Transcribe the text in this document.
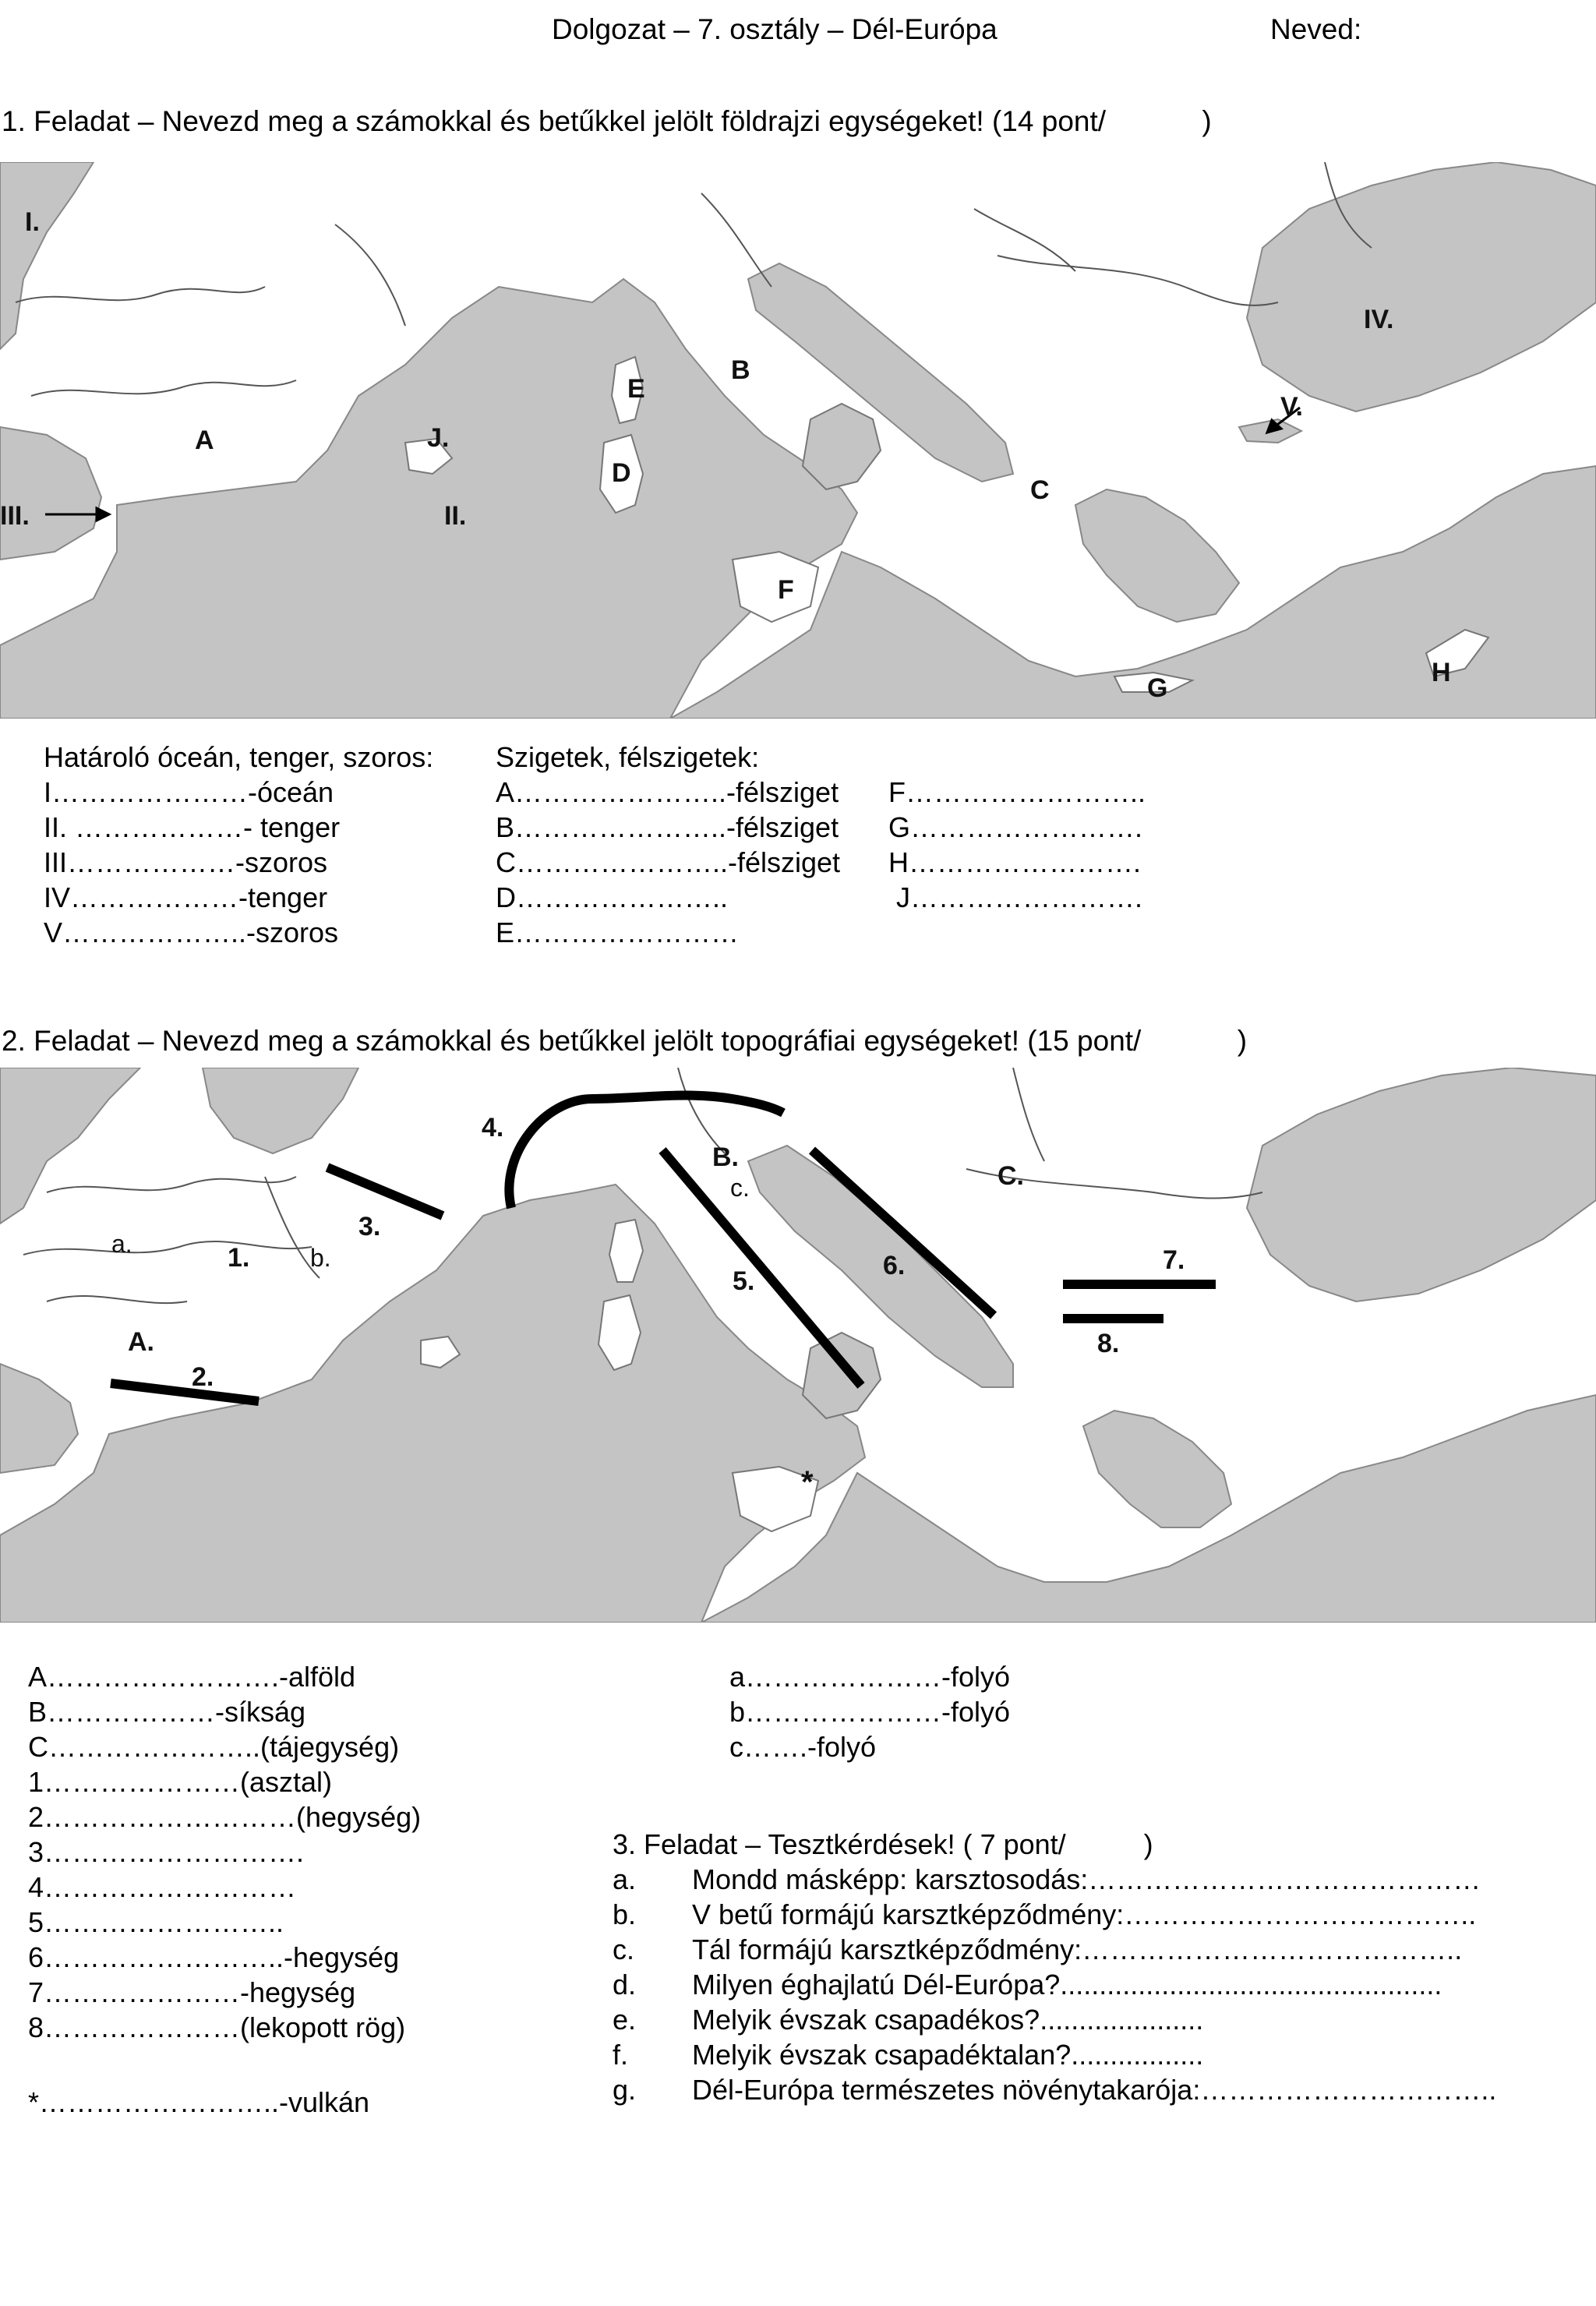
Dolgozat – 7. osztály – Dél-Európa	Neved:
1. Feladat – Nevezd meg a számokkal és betűkkel jelölt földrajzi egységeket! (14 pont/            )
I.
II.
III.
IV.
V.
A
B
C
D
E
F
G
H
J.
Határoló óceán, tenger, szoros:
I…………………-óceán
II. ………………- tenger
III………………-szoros
IV………………-tenger
V………………..-szoros
Szigetek, félszigetek:
A…………………..-félsziget
B…………………..-félsziget
C…………………..-félsziget
D…………………..
E……………………
F……………………..
G…………………….
H…………………….
J…………………….
2. Feladat – Nevezd meg a számokkal és betűkkel jelölt topográfiai egységeket! (15 pont/            )
1.
2.
3.
4.
5.
6.	7.
8.
A.
B.
C.
a.	b.
c.
*
A…………………….-alföld
B………………-síkság
C…………………..(tájegység)
1…………………(asztal)
2………………………(hegység)
3……………………….
4………………………
5……………………..
6……………………..-hegység
7…………………-hegység
8…………………(lekopott rög)
*……………………..-vulkán
a…………………-folyó
b…………………-folyó
c…….-folyó
3. Feladat – Tesztkérdések! ( 7 pont/          )
a. Mondd másképp: karsztosodás:……………………………………
b. V betű formájú karsztképződmény:………………………………..
c. Tál formájú karsztképződmény:…………………………………..
d. Milyen éghajlatú Dél-Európa?.................................................
e. Melyik évszak csapadékos?.....................
f. Melyik évszak csapadéktalan?.................
g. Dél-Európa természetes növénytakarója:…………………………..
